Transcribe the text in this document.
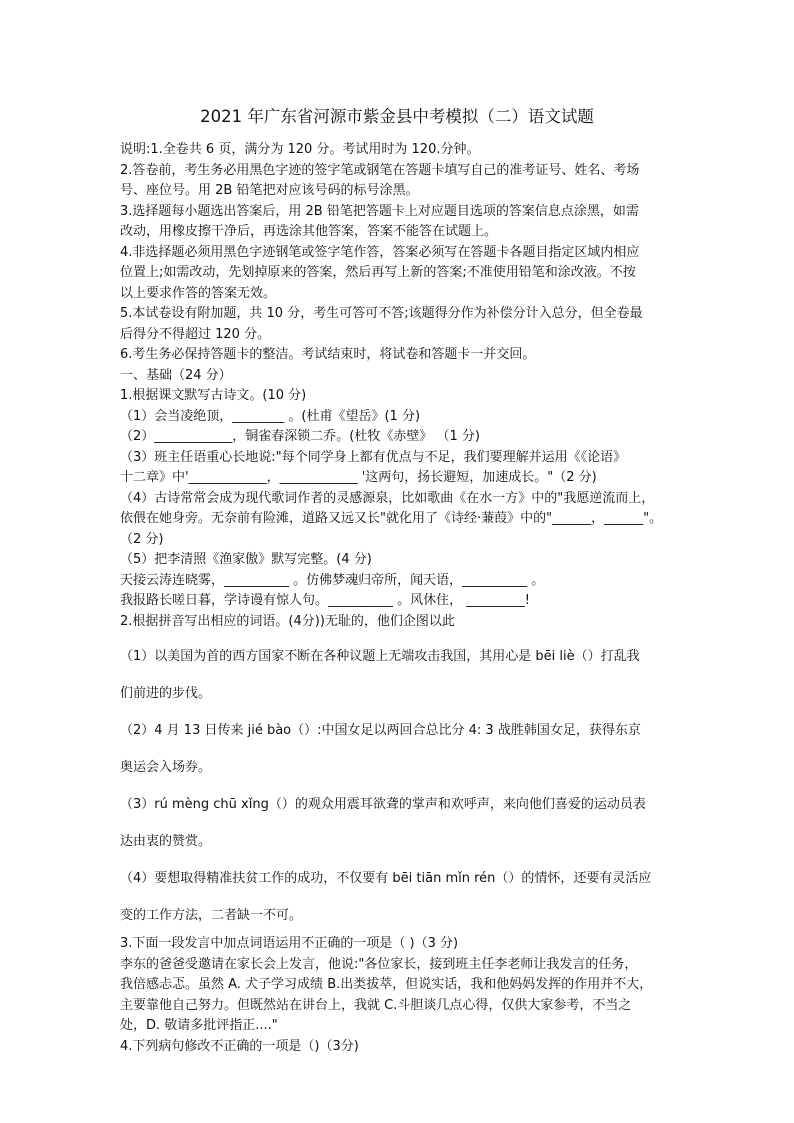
2021 年广东省河源市紫金县中考模拟（二）语文试题
说明:1.全卷共 6 页，满分为 120 分。考试用时为 120.分钟。
2.答卷前，考生务必用黑色字迹的签字笔或钢笔在答题卡填写自己的准考证号、姓名、考场
号、座位号。用 2B 铅笔把对应该号码的标号涂黑。
3.选择题每小题选出答案后，用 2B 铅笔把答题卡上对应题目选项的答案信息点涂黑，如需
改动，用橡皮擦干净后，再选涂其他答案，答案不能答在试题上。
4.非选择题必须用黑色字迹钢笔或签字笔作答，答案必须写在答题卡各题目指定区域内相应
位置上;如需改动，先划掉原来的答案，然后再写上新的答案;不准使用铅笔和涂改液。不按
以上要求作答的答案无效。
5.本试卷设有附加题，共 10 分，考生可答可不答;该题得分作为补偿分计入总分，但全卷最
后得分不得超过 120 分。
6.考生务必保持答题卡的整洁。考试结束时，将试卷和答题卡一并交回。
一、基础（24 分）
1.根据课文默写古诗文。(10 分)
（1）会当凌绝顶，________ 。(杜甫《望岳》(1 分)
（2）____________，铜雀春深锁二乔。(杜牧《赤壁》 （1 分)
（3）班主任语重心长地说:"每个同学身上都有优点与不足，我们要理解并运用《《论语》
十二章》中'____________，____________ '这两句，扬长避短，加速成长。"（2 分)
（4）古诗常常会成为现代歌词作者的灵感源泉，比如歌曲《在水一方》中的"我愿逆流而上，
依偎在她身旁。无奈前有险滩，道路又远又长"就化用了《诗经·蒹葭》中的"______，______"。
（2 分)
（5）把李清照《渔家傲》默写完整。(4 分)
天接云涛连晓雾，__________ 。仿佛梦魂归帝所，闻天语，__________ 。
我报路长嗟日暮，学诗谩有惊人句。__________ 。风休住， _________!
2.根据拼音写出相应的词语。(4分))无耻的，他们企图以此
（1）以美国为首的西方国家不断在各种议题上无端攻击我国，其用心是 bēi liè（）打乱我
们前进的步伐。
（2）4 月 13 日传来 jié bào（）:中国女足以两回合总比分 4: 3 战胜韩国女足，获得东京
奥运会入场券。
（3）rú mèng chū xǐng（）的观众用震耳欲聋的掌声和欢呼声，来向他们喜爱的运动员表
达由衷的赞赏。
（4）要想取得精准扶贫工作的成功，不仅要有 bēi tiān mǐn rén（）的情怀，还要有灵活应
变的工作方法，二者缺一不可。
3.下面一段发言中加点词语运用不正确的一项是（ )（3 分)
李东的爸爸受邀请在家长会上发言，他说:"各位家长，接到班主任李老师让我发言的任务，
我倍感忐忑。虽然 A. 犬子学习成绩 B.出类拔萃，但说实话，我和他妈妈发挥的作用并不大，
主要靠他自己努力。但既然站在讲台上，我就 C.斗胆谈几点心得，仅供大家参考，不当之
处，D. 敬请多批评指正...."
4.下列病句修改不正确的一项是（)（3分)
